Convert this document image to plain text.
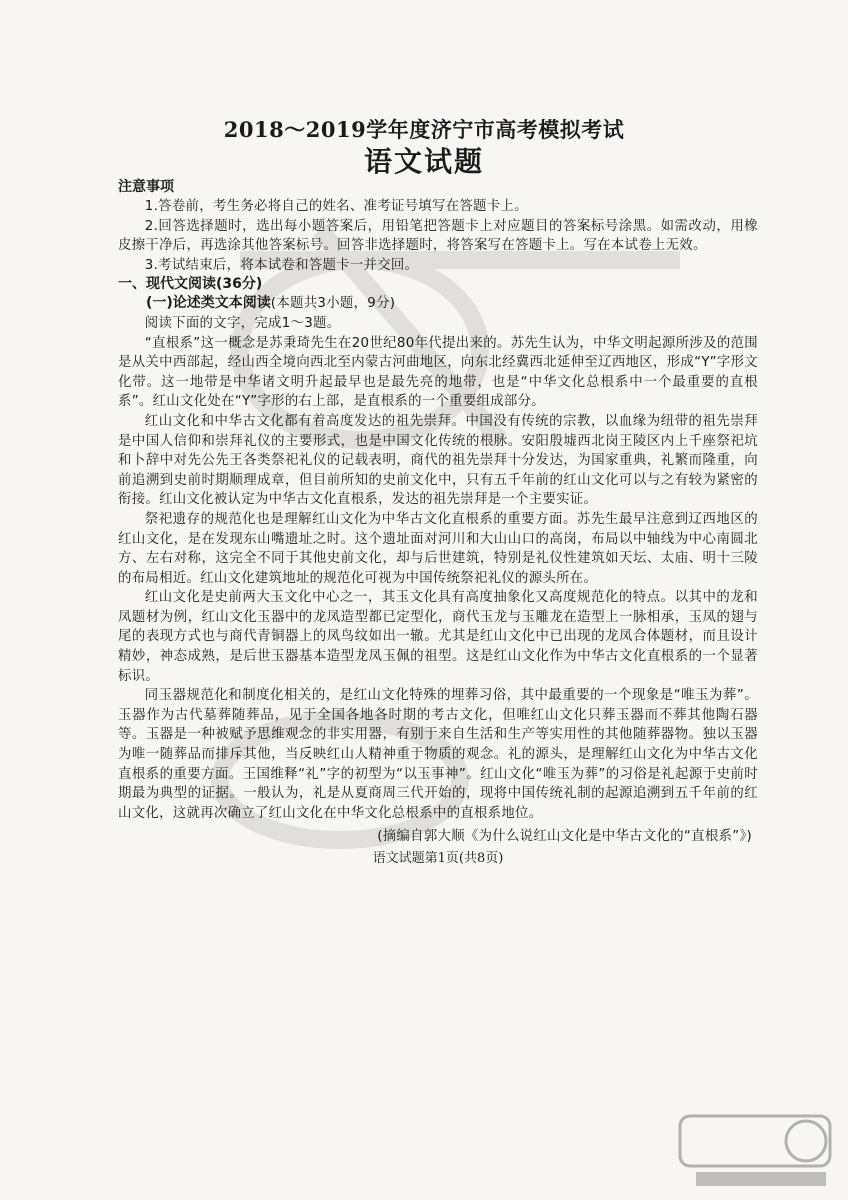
2018～2019学年度济宁市高考模拟考试

语文试题

注意事项

1.答卷前，考生务必将自己的姓名、准考证号填写在答题卡上。

2.回答选择题时，选出每小题答案后，用铅笔把答题卡上对应题目的答案标号涂黑。如需改动，用橡皮擦干净后，再选涂其他答案标号。回答非选择题时，将答案写在答题卡上。写在本试卷上无效。

3.考试结束后，将本试卷和答题卡一并交回。

一、现代文阅读(36分)

(一)论述类文本阅读(本题共3小题，9分)

阅读下面的文字，完成1～3题。

“直根系”这一概念是苏秉琦先生在20世纪80年代提出来的。苏先生认为，中华文明起源所涉及的范围是从关中西部起，经山西全境向西北至内蒙古河曲地区，向东北经冀西北延伸至辽西地区，形成“Y”字形文化带。这一地带是中华诸文明升起最早也是最先亮的地带，也是“中华文化总根系中一个最重要的直根系”。红山文化处在“Y”字形的右上部，是直根系的一个重要组成部分。

红山文化和中华古文化都有着高度发达的祖先崇拜。中国没有传统的宗教，以血缘为纽带的祖先崇拜是中国人信仰和崇拜礼仪的主要形式，也是中国文化传统的根脉。安阳殷墟西北岗王陵区内上千座祭祀坑和卜辞中对先公先王各类祭祀礼仪的记载表明，商代的祖先崇拜十分发达，为国家重典，礼繁而隆重，向前追溯到史前时期顺理成章，但目前所知的史前文化中，只有五千年前的红山文化可以与之有较为紧密的衔接。红山文化被认定为中华古文化直根系，发达的祖先崇拜是一个主要实证。

祭祀遗存的规范化也是理解红山文化为中华古文化直根系的重要方面。苏先生最早注意到辽西地区的红山文化，是在发现东山嘴遗址之时。这个遗址面对河川和大山山口的高岗，布局以中轴线为中心南圆北方、左右对称，这完全不同于其他史前文化，却与后世建筑，特别是礼仪性建筑如天坛、太庙、明十三陵的布局相近。红山文化建筑地址的规范化可视为中国传统祭祀礼仪的源头所在。

红山文化是史前两大玉文化中心之一，其玉文化具有高度抽象化又高度规范化的特点。以其中的龙和凤题材为例，红山文化玉器中的龙凤造型都已定型化，商代玉龙与玉雕龙在造型上一脉相承，玉凤的翅与尾的表现方式也与商代青铜器上的凤鸟纹如出一辙。尤其是红山文化中已出现的龙凤合体题材，而且设计精妙，神态成熟，是后世玉器基本造型龙凤玉佩的祖型。这是红山文化作为中华古文化直根系的一个显著标识。

同玉器规范化和制度化相关的，是红山文化特殊的埋葬习俗，其中最重要的一个现象是“唯玉为葬”。玉器作为古代墓葬随葬品，见于全国各地各时期的考古文化，但唯红山文化只葬玉器而不葬其他陶石器等。玉器是一种被赋予思维观念的非实用器，有别于来自生活和生产等实用性的其他随葬器物。独以玉器为唯一随葬品而排斥其他，当反映红山人精神重于物质的观念。礼的源头，是理解红山文化为中华古文化直根系的重要方面。王国维释“礼”字的初型为“以玉事神”。红山文化“唯玉为葬”的习俗是礼起源于史前时期最为典型的证据。一般认为，礼是从夏商周三代开始的，现将中国传统礼制的起源追溯到五千年前的红山文化，这就再次确立了红山文化在中华文化总根系中的直根系地位。

(摘编自郭大顺《为什么说红山文化是中华古文化的“直根系”》)

语文试题第1页(共8页)
